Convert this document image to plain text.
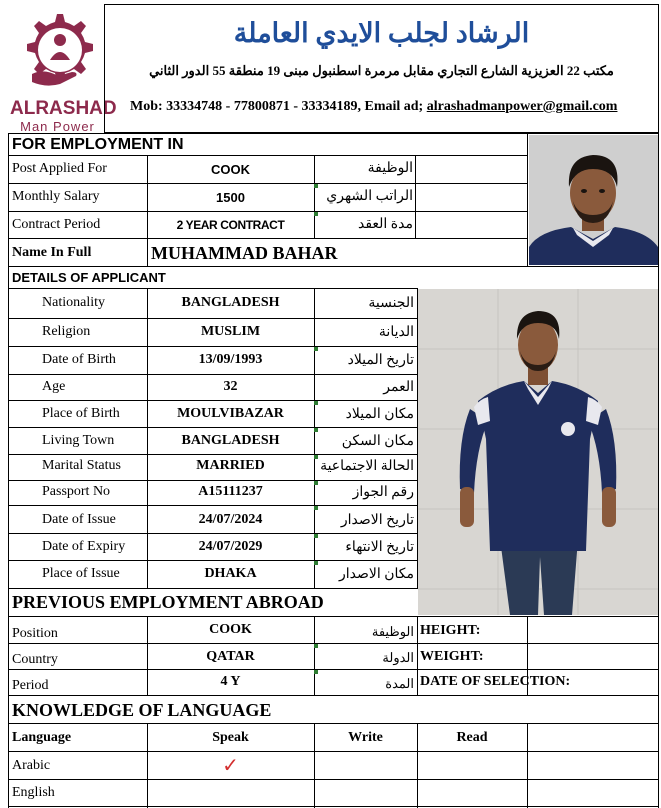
ALRASHAD
Man Power
الرشاد لجلب الايدي العاملة
مكتب 22 العزيزية الشارع التجاري مقابل مرمرة اسطنبول مبنى 19 منطقة 55 الدور الثاني
Mob: 33334748 - 77800871 - 33334189, Email ad; alrashadmanpower@gmail.com
FOR EMPLOYMENT IN
Post Applied For	COOK	الوظيفة
Monthly Salary	1500	الراتب الشهري
Contract Period	2 YEAR CONTRACT	مدة العقد
Name In Full	MUHAMMAD BAHAR
DETAILS OF APPLICANT
Nationality	BANGLADESH	الجنسية
Religion	MUSLIM	الديانة
Date of Birth	13/09/1993	تاريخ الميلاد
Age	32	العمر
Place of Birth	MOULVIBAZAR	مكان الميلاد
Living Town	BANGLADESH	مكان السكن
Marital Status	MARRIED	الحالة الاجتماعية
Passport No	A15111237	رقم الجواز
Date of Issue	24/07/2024	تاريخ الاصدار
Date of Expiry	24/07/2029	تاريخ الانتهاء
Place of Issue	DHAKA	مكان الاصدار
PREVIOUS EMPLOYMENT ABROAD
Position	COOK	الوظيفة HEIGHT:
Country	QATAR	الدولة WEIGHT:
Period	4 Y	المدة DATE OF SELECTION:
KNOWLEDGE OF LANGUAGE
Language	Speak	Write	Read
Arabic	✓
English
